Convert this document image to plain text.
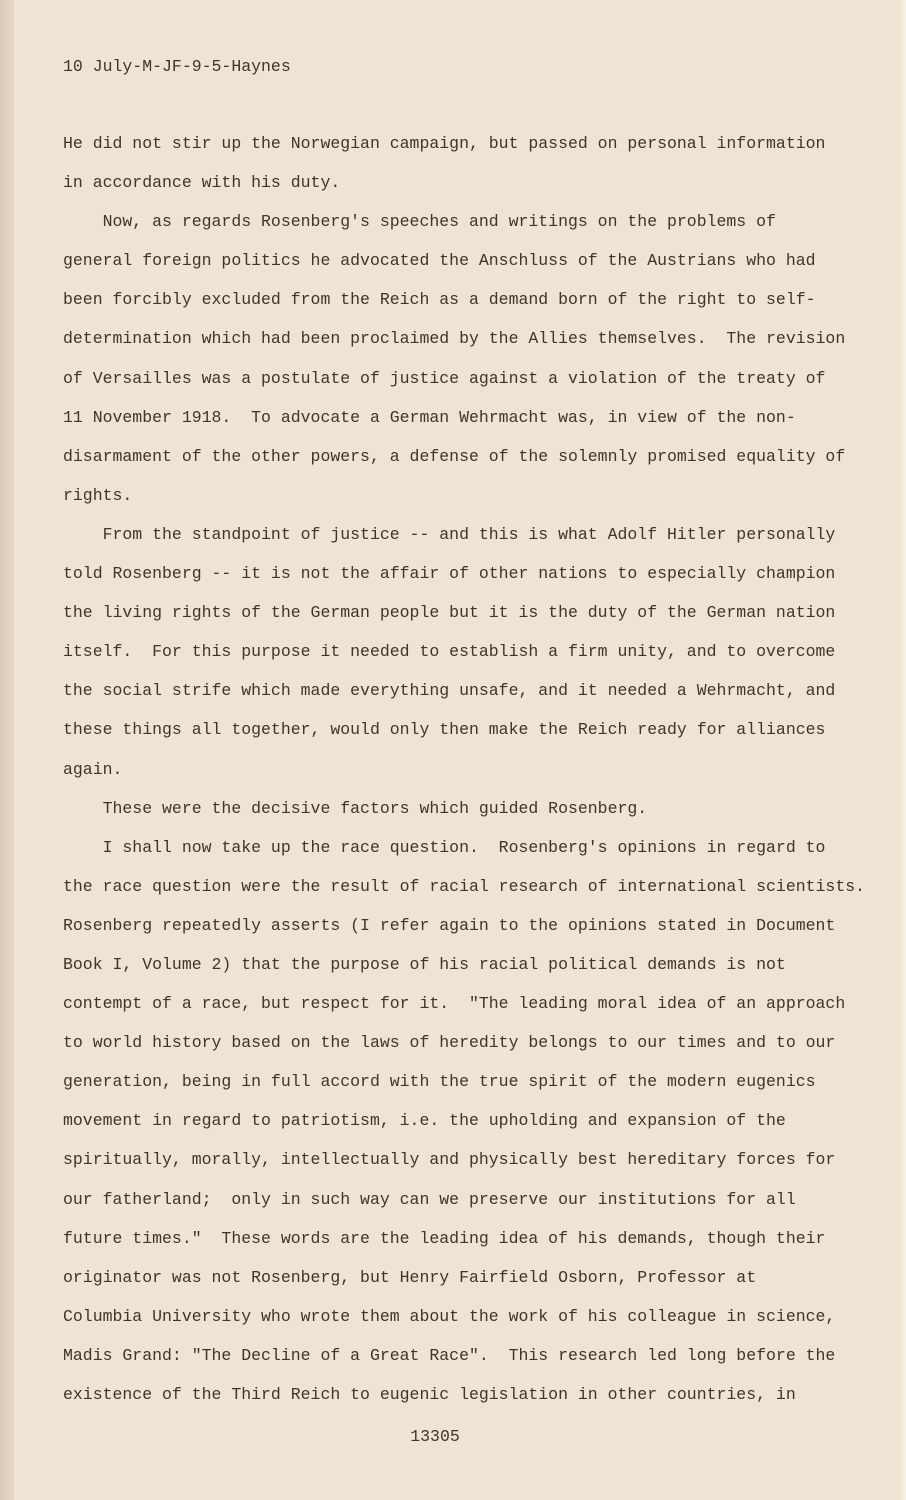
10 July-M-JF-9-5-Haynes
He did not stir up the Norwegian campaign, but passed on personal information
in accordance with his duty.
Now, as regards Rosenberg's speeches and writings on the problems of
general foreign politics he advocated the Anschluss of the Austrians who had
been forcibly excluded from the Reich as a demand born of the right to self-
determination which had been proclaimed by the Allies themselves.  The revision
of Versailles was a postulate of justice against a violation of the treaty of
11 November 1918.  To advocate a German Wehrmacht was, in view of the non-
disarmament of the other powers, a defense of the solemnly promised equality of
rights.
From the standpoint of justice -- and this is what Adolf Hitler personally
told Rosenberg -- it is not the affair of other nations to especially champion
the living rights of the German people but it is the duty of the German nation
itself.  For this purpose it needed to establish a firm unity, and to overcome
the social strife which made everything unsafe, and it needed a Wehrmacht, and
these things all together, would only then make the Reich ready for alliances
again.
These were the decisive factors which guided Rosenberg.
I shall now take up the race question.  Rosenberg's opinions in regard to
the race question were the result of racial research of international scientists.
Rosenberg repeatedly asserts (I refer again to the opinions stated in Document
Book I, Volume 2) that the purpose of his racial political demands is not
contempt of a race, but respect for it.  "The leading moral idea of an approach
to world history based on the laws of heredity belongs to our times and to our
generation, being in full accord with the true spirit of the modern eugenics
movement in regard to patriotism, i.e. the upholding and expansion of the
spiritually, morally, intellectually and physically best hereditary forces for
our fatherland;  only in such way can we preserve our institutions for all
future times."  These words are the leading idea of his demands, though their
originator was not Rosenberg, but Henry Fairfield Osborn, Professor at
Columbia University who wrote them about the work of his colleague in science,
Madis Grand: "The Decline of a Great Race".  This research led long before the
existence of the Third Reich to eugenic legislation in other countries, in
13305
